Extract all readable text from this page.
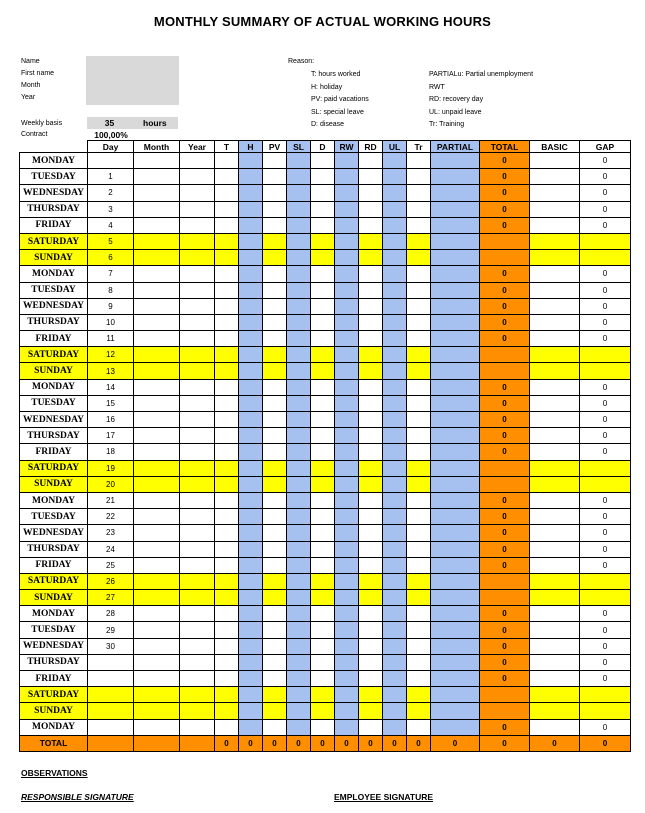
MONTHLY SUMMARY OF ACTUAL WORKING HOURS
Name
First name
Month
Year
Weekly basis	35	hours
Contract	100,00%
Reason:
T: hours worked
H: holiday
PV: paid vacations
SL: special leave
D: disease
PARTIALu: Partial unemployment
RWT
RD: recovery day
UL: unpaid leave
Tr: Training
	Day	Month	Year	T	H	PV	SL	D	RW	RD	UL	Tr	PARTIAL	TOTAL	BASIC	GAP
MONDAY														0		0
TUESDAY	1													0		0
WEDNESDAY	2													0		0
THURSDAY	3													0		0
FRIDAY	4													0		0
SATURDAY	5															
SUNDAY	6															
MONDAY	7													0		0
TUESDAY	8													0		0
WEDNESDAY	9													0		0
THURSDAY	10													0		0
FRIDAY	11													0		0
SATURDAY	12															
SUNDAY	13															
MONDAY	14													0		0
TUESDAY	15													0		0
WEDNESDAY	16													0		0
THURSDAY	17													0		0
FRIDAY	18													0		0
SATURDAY	19															
SUNDAY	20															
MONDAY	21													0		0
TUESDAY	22													0		0
WEDNESDAY	23													0		0
THURSDAY	24													0		0
FRIDAY	25													0		0
SATURDAY	26															
SUNDAY	27															
MONDAY	28													0		0
TUESDAY	29													0		0
WEDNESDAY	30													0		0
THURSDAY														0		0
FRIDAY														0		0
SATURDAY																
SUNDAY																
MONDAY														0		0
TOTAL				0	0	0	0	0	0	0	0	0	0	0	0	0
OBSERVATIONS
RESPONSIBLE SIGNATURE	EMPLOYEE SIGNATURE
